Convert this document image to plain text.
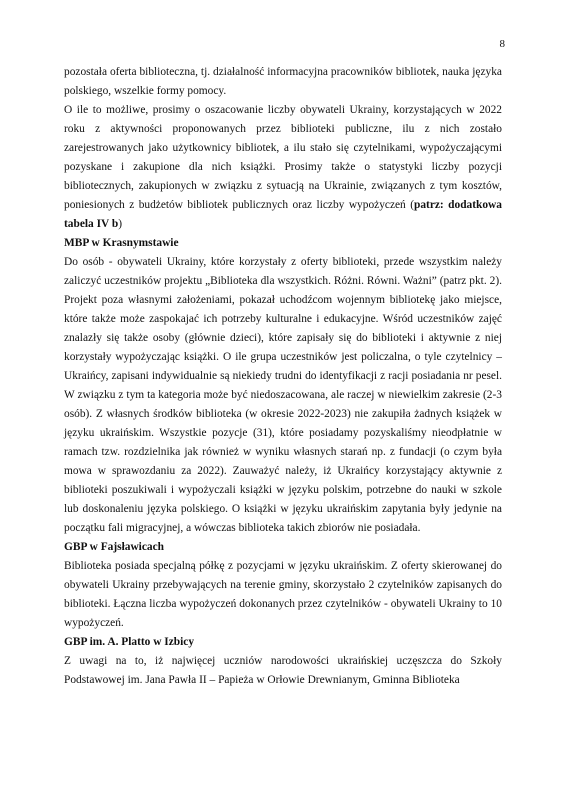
8

pozostała oferta biblioteczna, tj. działalność informacyjna pracowników bibliotek, nauka języka polskiego, wszelkie formy pomocy.

O ile to możliwe, prosimy o oszacowanie liczby obywateli Ukrainy, korzystających w 2022 roku z aktywności proponowanych przez biblioteki publiczne, ilu z nich zostało zarejestrowanych jako użytkownicy bibliotek, a ilu stało się czytelnikami, wypożyczającymi pozyskane i zakupione dla nich książki. Prosimy także o statystyki liczby pozycji bibliotecznych, zakupionych w związku z sytuacją na Ukrainie, związanych z tym kosztów, poniesionych z budżetów bibliotek publicznych oraz liczby wypożyczeń (patrz: dodatkowa tabela IV b)

MBP w Krasnymstawie

Do osób - obywateli Ukrainy, które korzystały z oferty biblioteki, przede wszystkim należy zaliczyć uczestników projektu „Biblioteka dla wszystkich. Różni. Równi. Ważni” (patrz pkt. 2). Projekt poza własnymi założeniami, pokazał uchodźcom wojennym bibliotekę jako miejsce, które także może zaspokajać ich potrzeby kulturalne i edukacyjne. Wśród uczestników zajęć znalazły się także osoby (głównie dzieci), które zapisały się do biblioteki i aktywnie z niej korzystały wypożyczając książki. O ile grupa uczestników jest policzalna, o tyle czytelnicy – Ukraińcy, zapisani indywidualnie są niekiedy trudni do identyfikacji z racji posiadania nr pesel. W związku z tym ta kategoria może być niedoszacowana, ale raczej w niewielkim zakresie (2-3 osób). Z własnych środków biblioteka (w okresie 2022-2023) nie zakupiła żadnych książek w języku ukraińskim. Wszystkie pozycje (31), które posiadamy pozyskaliśmy nieodpłatnie w ramach tzw. rozdzielnika jak również w wyniku własnych starań np. z fundacji (o czym była mowa w sprawozdaniu za 2022). Zauważyć należy, iż Ukraińcy korzystający aktywnie z biblioteki poszukiwali i wypożyczali książki w języku polskim, potrzebne do nauki w szkole lub doskonaleniu języka polskiego. O książki w języku ukraińskim zapytania były jedynie na początku fali migracyjnej, a wówczas biblioteka takich zbiorów nie posiadała.

GBP w Fajsławicach

Biblioteka posiada specjalną półkę z pozycjami w języku ukraińskim. Z oferty skierowanej do obywateli Ukrainy przebywających na terenie gminy, skorzystało 2 czytelników zapisanych do biblioteki. Łączna liczba wypożyczeń dokonanych przez czytelników - obywateli Ukrainy to 10 wypożyczeń.

GBP im. A. Platto w Izbicy

Z uwagi na to, iż najwięcej uczniów narodowości ukraińskiej uczęszcza do Szkoły Podstawowej im. Jana Pawła II – Papieża w Orłowie Drewnianym, Gminna Biblioteka
